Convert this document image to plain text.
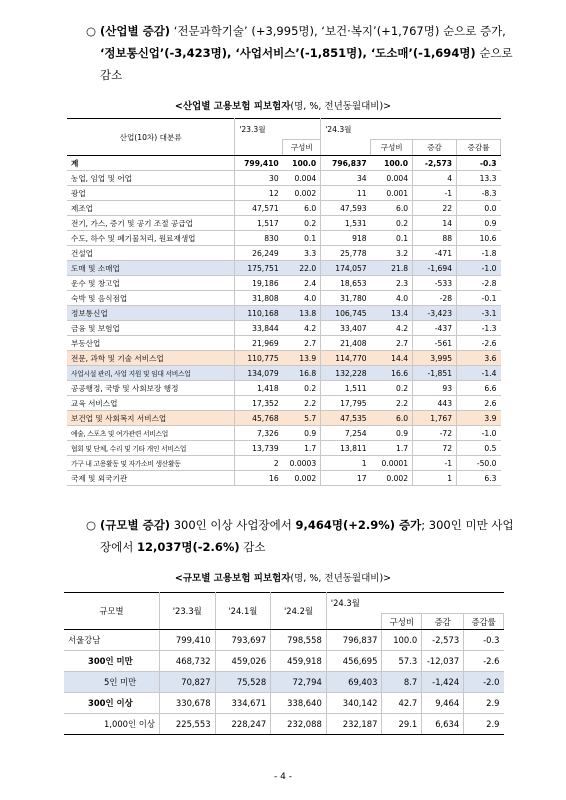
○ (산업별 증감) ‘전문과학기술’ (+3,995명), ‘보건·복지’(+1,767명) 순으로 증가,
‘정보통신업’(-3,423명), ‘사업서비스’(-1,851명), ‘도소매’(-1,694명) 순으로 감소
<산업별 고용보험 피보험자(명, %, 전년동월대비)>
산업(10차) 대분류	'23.3월		'24.3월			
		구성비		구성비	증감	증감률
계	799,410	100.0	796,837	100.0	-2,573	-0.3
농업, 임업 및 어업	30	0.004	34	0.004	4	13.3
광업	12	0.002	11	0.001	-1	-8.3
제조업	47,571	6.0	47,593	6.0	22	0.0
전기, 가스, 증기 및 공기 조절 공급업	1,517	0.2	1,531	0.2	14	0.9
수도, 하수 및 폐기물처리, 원료재생업	830	0.1	918	0.1	88	10.6
건설업	26,249	3.3	25,778	3.2	-471	-1.8
도매 및 소매업	175,751	22.0	174,057	21.8	-1,694	-1.0
운수 및 창고업	19,186	2.4	18,653	2.3	-533	-2.8
숙박 및 음식점업	31,808	4.0	31,780	4.0	-28	-0.1
정보통신업	110,168	13.8	106,745	13.4	-3,423	-3.1
금융 및 보험업	33,844	4.2	33,407	4.2	-437	-1.3
부동산업	21,969	2.7	21,408	2.7	-561	-2.6
전문, 과학 및 기술 서비스업	110,775	13.9	114,770	14.4	3,995	3.6
사업시설 관리, 사업 지원 및 임대 서비스업	134,079	16.8	132,228	16.6	-1,851	-1.4
공공행정, 국방 및 사회보장 행정	1,418	0.2	1,511	0.2	93	6.6
교육 서비스업	17,352	2.2	17,795	2.2	443	2.6
보건업 및 사회복지 서비스업	45,768	5.7	47,535	6.0	1,767	3.9
예술, 스포츠 및 여가관련 서비스업	7,326	0.9	7,254	0.9	-72	-1.0
협회 및 단체, 수리 및 기타 개인 서비스업	13,739	1.7	13,811	1.7	72	0.5
가구 내 고용활동 및 자가소비 생산활동	2	0.0003	1	0.0001	-1	-50.0
국제 및 외국기관	16	0.002	17	0.002	1	6.3
○ (규모별 증감) 300인 이상 사업장에서 9,464명(+2.9%) 증가; 300인 미만 사업
장에서 12,037명(-2.6%) 감소
<규모별 고용보험 피보험자(명, %, 전년동월대비)>
규모별	'23.3월	'24.1월	'24.2월	'24.3월			
					구성비	증감	증감률
서울강남	799,410	793,697	798,558	796,837	100.0	-2,573	-0.3
300인 미만	468,732	459,026	459,918	456,695	57.3	-12,037	-2.6
5인 미만	70,827	75,528	72,794	69,403	8.7	-1,424	-2.0
300인 이상	330,678	334,671	338,640	340,142	42.7	9,464	2.9
1,000인 이상	225,553	228,247	232,088	232,187	29.1	6,634	2.9
- 4 -
